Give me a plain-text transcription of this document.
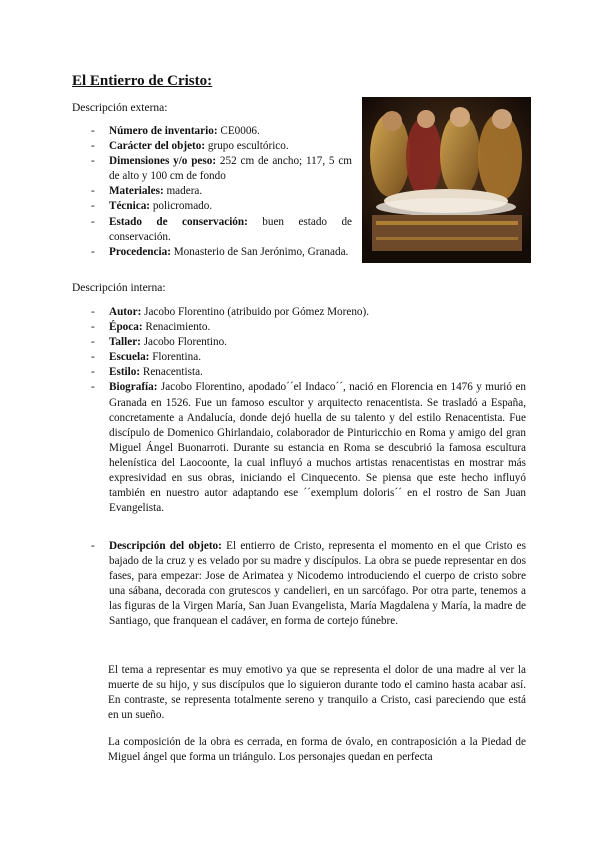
El Entierro de Cristo:

Descripción externa:

- Número de inventario: CE0006.
- Carácter del objeto: grupo escultórico.
- Dimensiones y/o peso: 252 cm de ancho; 117, 5 cm de alto y 100 cm de fondo
- Materiales: madera.
- Técnica: policromado.
- Estado de conservación: buen estado de conservación.
- Procedencia: Monasterio de San Jerónimo, Granada.

Descripción interna:

- Autor: Jacobo Florentino (atribuido por Gómez Moreno).
- Época: Renacimiento.
- Taller: Jacobo Florentino.
- Escuela: Florentina.
- Estilo: Renacentista.
- Biografía: Jacobo Florentino, apodado´´el Indaco´´, nació en Florencia en 1476 y murió en Granada en 1526. Fue un famoso escultor y arquitecto renacentista. Se trasladó a España, concretamente a Andalucía, donde dejó huella de su talento y del estilo Renacentista. Fue discípulo de Domenico Ghirlandaio, colaborador de Pinturicchio en Roma y amigo del gran Miguel Ángel Buonarroti. Durante su estancia en Roma se descubrió la famosa escultura helenística del Laocoonte, la cual influyó a muchos artistas renacentistas en mostrar más expresividad en sus obras, iniciando el Cinquecento. Se piensa que este hecho influyó también en nuestro autor adaptando ese ´´exemplum doloris´´ en el rostro de San Juan Evangelista.
- Descripción del objeto: El entierro de Cristo, representa el momento en el que Cristo es bajado de la cruz y es velado por su madre y discípulos. La obra se puede representar en dos fases, para empezar: Jose de Arimatea y Nicodemo introduciendo el cuerpo de cristo sobre una sábana, decorada con grutescos y candelieri, en un sarcófago. Por otra parte, tenemos a las figuras de la Virgen María, San Juan Evangelista, María Magdalena y María, la madre de Santiago, que franquean el cadáver, en forma de cortejo fúnebre.

El tema a representar es muy emotivo ya que se representa el dolor de una madre al ver la muerte de su hijo, y sus discípulos que lo siguieron durante todo el camino hasta acabar así. En contraste, se representa totalmente sereno y tranquilo a Cristo, casi pareciendo que está en un sueño.

La composición de la obra es cerrada, en forma de óvalo, en contraposición a la Piedad de Miguel ángel que forma un triángulo. Los personajes quedan en perfecta
